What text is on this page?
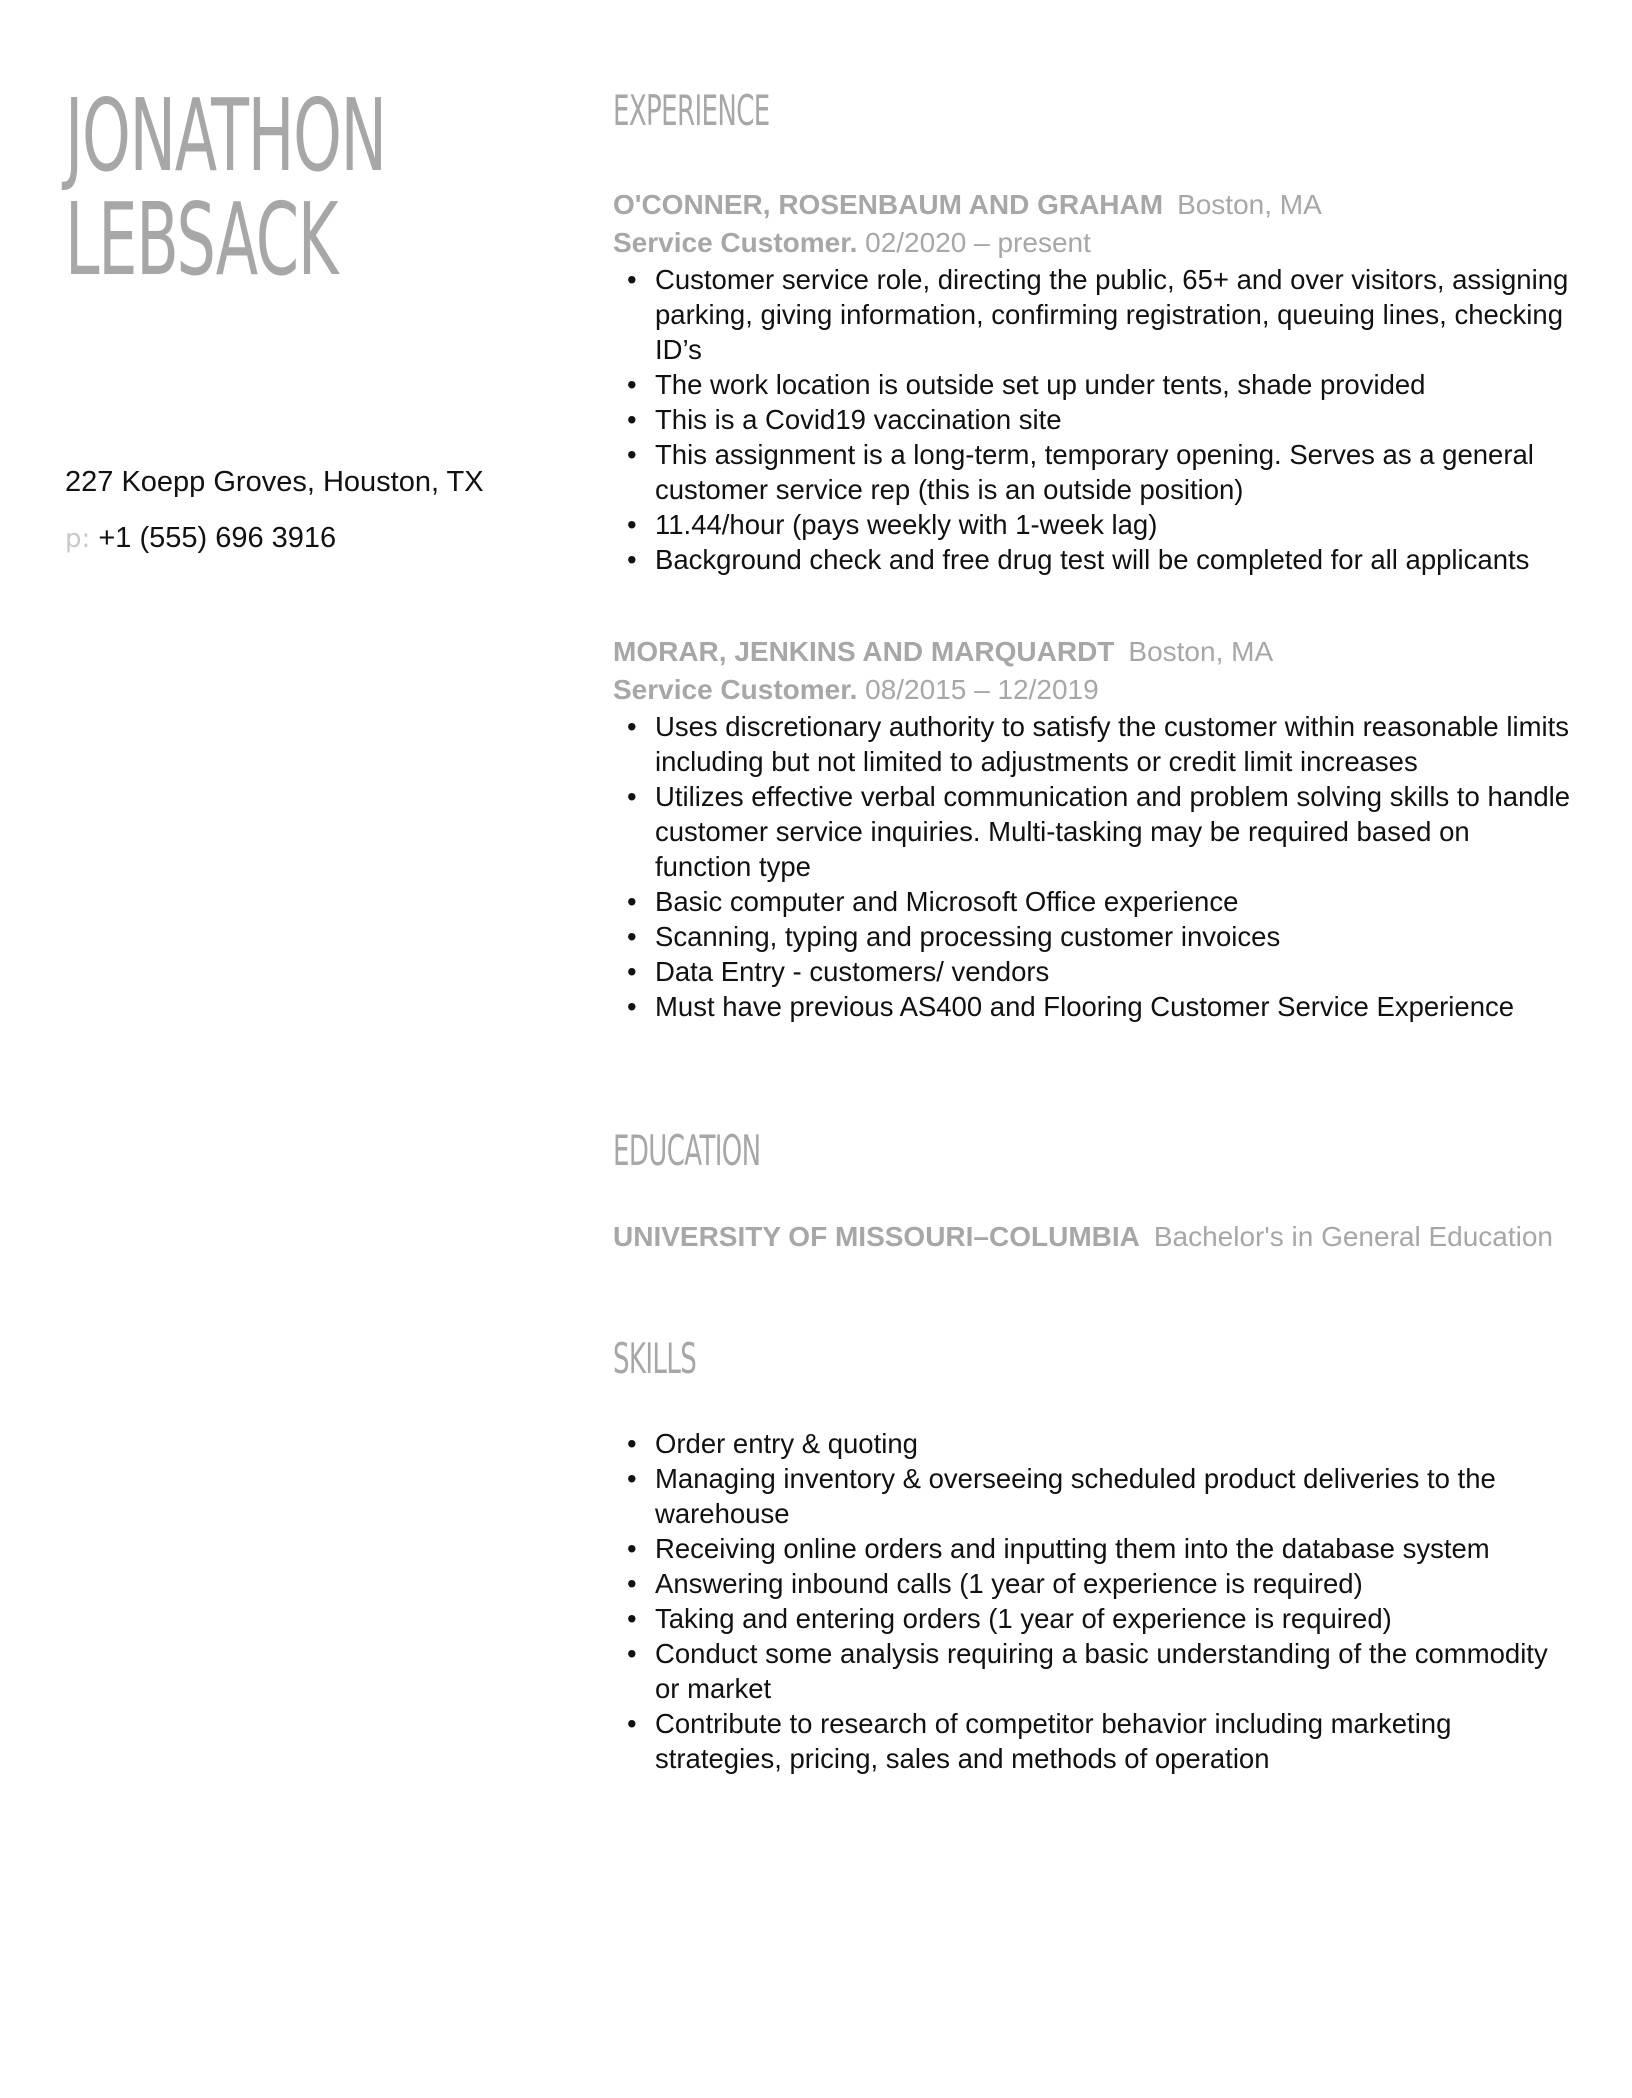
JONATHON
LEBSACK
227 Koepp Groves, Houston, TX
p: +1 (555) 696 3916
EXPERIENCE
O'CONNER, ROSENBAUM AND GRAHAM Boston, MA
Service Customer. 02/2020 – present
• Customer service role, directing the public, 65+ and over visitors, assigning parking, giving information, confirming registration, queuing lines, checking ID’s
• The work location is outside set up under tents, shade provided
• This is a Covid19 vaccination site
• This assignment is a long-term, temporary opening. Serves as a general customer service rep (this is an outside position)
• 11.44/hour (pays weekly with 1-week lag)
• Background check and free drug test will be completed for all applicants
MORAR, JENKINS AND MARQUARDT Boston, MA
Service Customer. 08/2015 – 12/2019
• Uses discretionary authority to satisfy the customer within reasonable limits including but not limited to adjustments or credit limit increases
• Utilizes effective verbal communication and problem solving skills to handle customer service inquiries. Multi-tasking may be required based on function type
• Basic computer and Microsoft Office experience
• Scanning, typing and processing customer invoices
• Data Entry - customers/ vendors
• Must have previous AS400 and Flooring Customer Service Experience
EDUCATION
UNIVERSITY OF MISSOURI–COLUMBIA Bachelor's in General Education
SKILLS
• Order entry & quoting
• Managing inventory & overseeing scheduled product deliveries to the warehouse
• Receiving online orders and inputting them into the database system
• Answering inbound calls (1 year of experience is required)
• Taking and entering orders (1 year of experience is required)
• Conduct some analysis requiring a basic understanding of the commodity or market
• Contribute to research of competitor behavior including marketing strategies, pricing, sales and methods of operation
